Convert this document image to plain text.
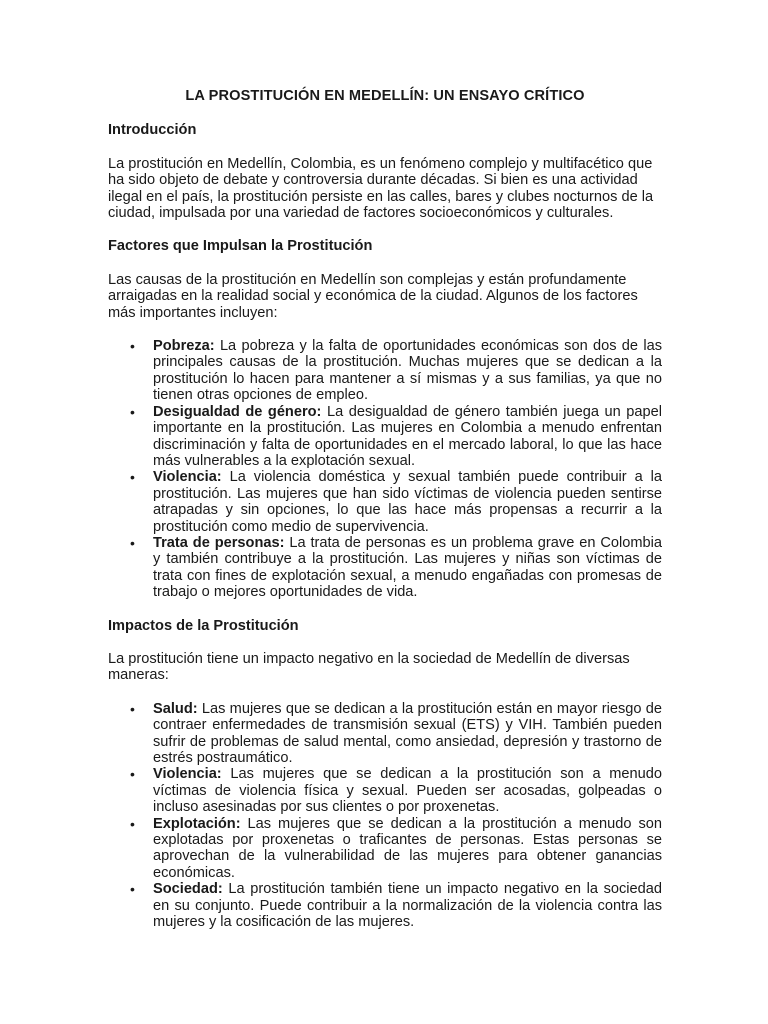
LA PROSTITUCIÓN EN MEDELLÍN: UN ENSAYO CRÍTICO
Introducción

La prostitución en Medellín, Colombia, es un fenómeno complejo y multifacético que ha sido objeto de debate y controversia durante décadas. Si bien es una actividad ilegal en el país, la prostitución persiste en las calles, bares y clubes nocturnos de la ciudad, impulsada por una variedad de factores socioeconómicos y culturales.

Factores que Impulsan la Prostitución

Las causas de la prostitución en Medellín son complejas y están profundamente arraigadas en la realidad social y económica de la ciudad. Algunos de los factores más importantes incluyen:

• Pobreza: La pobreza y la falta de oportunidades económicas son dos de las principales causas de la prostitución. Muchas mujeres que se dedican a la prostitución lo hacen para mantener a sí mismas y a sus familias, ya que no tienen otras opciones de empleo.
• Desigualdad de género: La desigualdad de género también juega un papel importante en la prostitución. Las mujeres en Colombia a menudo enfrentan discriminación y falta de oportunidades en el mercado laboral, lo que las hace más vulnerables a la explotación sexual.
• Violencia: La violencia doméstica y sexual también puede contribuir a la prostitución. Las mujeres que han sido víctimas de violencia pueden sentirse atrapadas y sin opciones, lo que las hace más propensas a recurrir a la prostitución como medio de supervivencia.
• Trata de personas: La trata de personas es un problema grave en Colombia y también contribuye a la prostitución. Las mujeres y niñas son víctimas de trata con fines de explotación sexual, a menudo engañadas con promesas de trabajo o mejores oportunidades de vida.
Impactos de la Prostitución

La prostitución tiene un impacto negativo en la sociedad de Medellín de diversas maneras:

• Salud: Las mujeres que se dedican a la prostitución están en mayor riesgo de contraer enfermedades de transmisión sexual (ETS) y VIH. También pueden sufrir de problemas de salud mental, como ansiedad, depresión y trastorno de estrés postraumático.
• Violencia: Las mujeres que se dedican a la prostitución son a menudo víctimas de violencia física y sexual. Pueden ser acosadas, golpeadas o incluso asesinadas por sus clientes o por proxenetas.
• Explotación: Las mujeres que se dedican a la prostitución a menudo son explotadas por proxenetas o traficantes de personas. Estas personas se aprovechan de la vulnerabilidad de las mujeres para obtener ganancias económicas.
• Sociedad: La prostitución también tiene un impacto negativo en la sociedad en su conjunto. Puede contribuir a la normalización de la violencia contra las mujeres y la cosificación de las mujeres.
